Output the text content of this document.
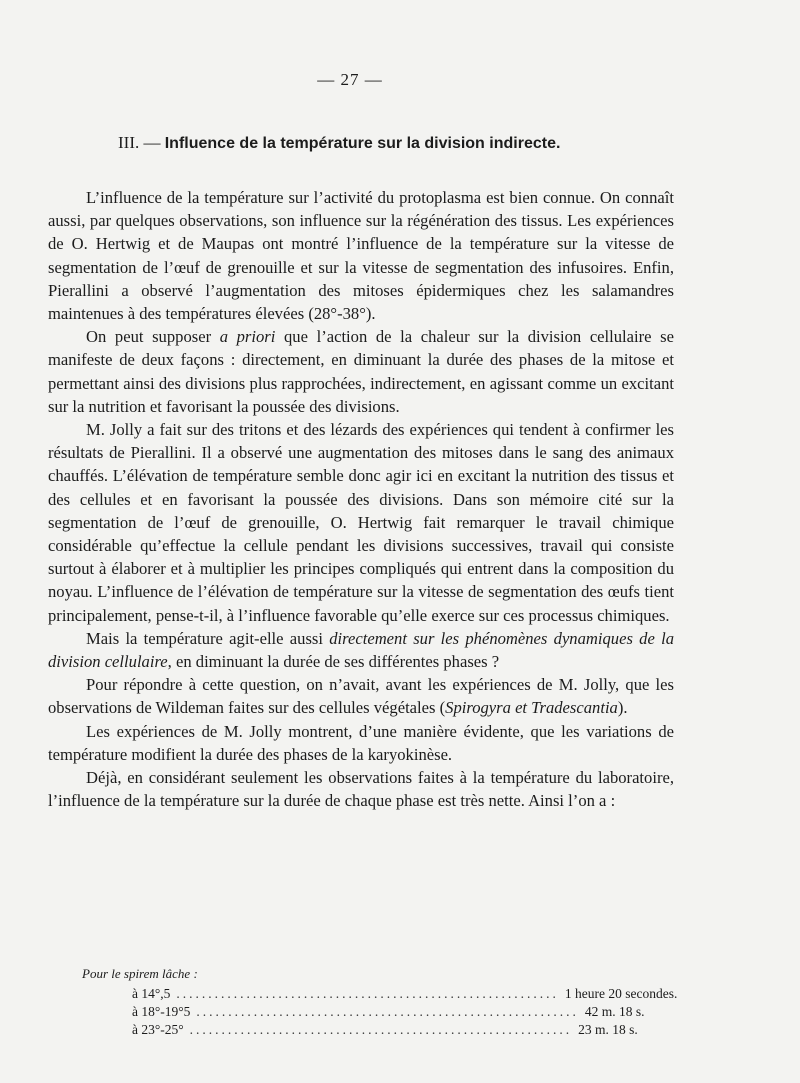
— 27 —
III. — Influence de la température sur la division indirecte.

L’influence de la température sur l’activité du protoplasma est bien connue. On connaît aussi, par quelques observations, son influence sur la régénération des tissus. Les expériences de O. Hertwig et de Maupas ont montré l’influence de la température sur la vitesse de segmentation de l’œuf de grenouille et sur la vitesse de segmentation des infusoires. Enfin, Pierallini a observé l’augmentation des mitoses épidermiques chez les salamandres maintenues à des températures élevées (28°-38°).

On peut supposer a priori que l’action de la chaleur sur la division cellulaire se manifeste de deux façons : directement, en diminuant la durée des phases de la mitose et permettant ainsi des divisions plus rapprochées, indirectement, en agissant comme un excitant sur la nutrition et favorisant la poussée des divisions.

M. Jolly a fait sur des tritons et des lézards des expériences qui tendent à confirmer les résultats de Pierallini. Il a observé une augmentation des mitoses dans le sang des animaux chauffés. L’élévation de température semble donc agir ici en excitant la nutrition des tissus et des cellules et en favorisant la poussée des divisions. Dans son mémoire cité sur la segmentation de l’œuf de grenouille, O. Hertwig fait remarquer le travail chimique considérable qu’effectue la cellule pendant les divisions successives, travail qui consiste surtout à élaborer et à multiplier les principes compliqués qui entrent dans la composition du noyau. L’influence de l’élévation de température sur la vitesse de segmentation des œufs tient principalement, pense-t-il, à l’influence favorable qu’elle exerce sur ces processus chimiques.

Mais la température agit-elle aussi directement sur les phénomènes dynamiques de la division cellulaire, en diminuant la durée de ses différentes phases ?

Pour répondre à cette question, on n’avait, avant les expériences de M. Jolly, que les observations de Wildeman faites sur des cellules végétales (Spirogyra et Tradescantia).

Les expériences de M. Jolly montrent, d’une manière évidente, que les variations de température modifient la durée des phases de la karyokinèse.

Déjà, en considérant seulement les observations faites à la température du laboratoire, l’influence de la température sur la durée de chaque phase est très nette. Ainsi l’on a :

Pour le spirem lâche :
à 14°,5 ............................................................ 1 heure 20 secondes.
à 18°-19°5 ............................................................ 42 m. 18 s.
à 23°-25° ............................................................ 23 m. 18 s.
